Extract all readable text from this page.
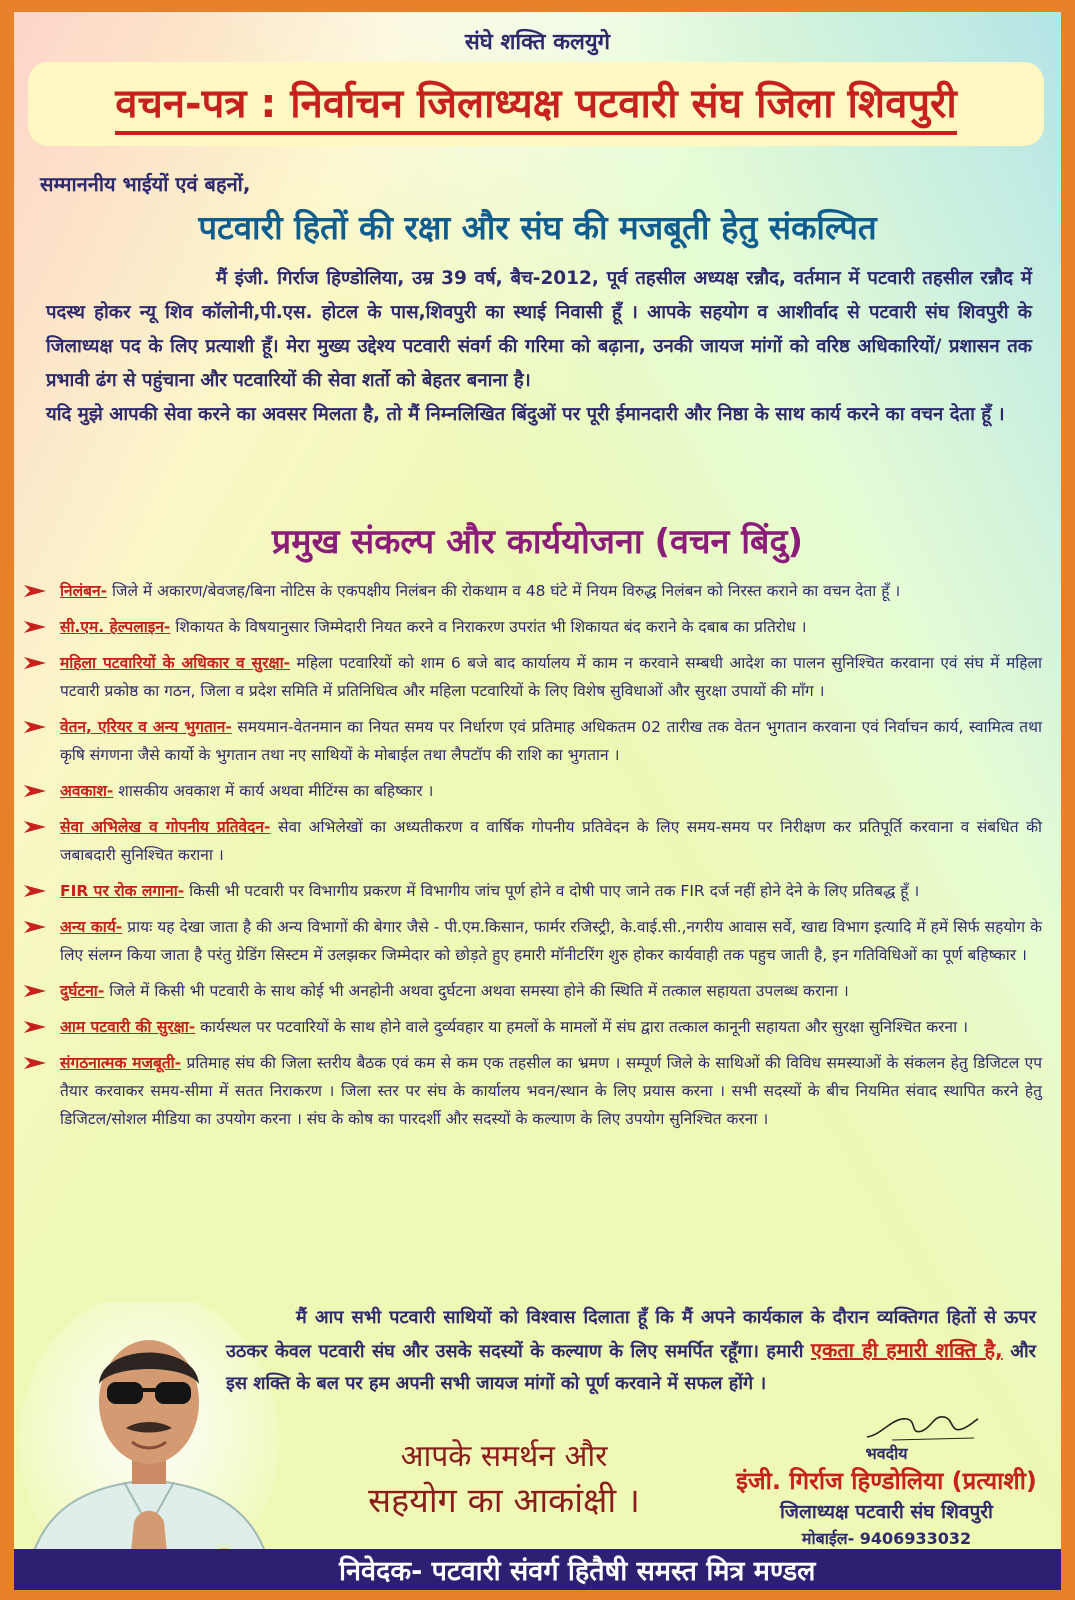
संघे शक्ति कलयुगे
वचन-पत्र : निर्वाचन जिलाध्यक्ष पटवारी संघ जिला शिवपुरी
सम्माननीय भाईयों एवं बहनों,
पटवारी हितों की रक्षा और संघ की मजबूती हेतु संकल्पित

मैं इंजी. गिर्राज हिण्डोलिया, उम्र 39 वर्ष, बैच-2012, पूर्व तहसील अध्यक्ष रन्नौद, वर्तमान में पटवारी तहसील रन्नौद में पदस्थ होकर न्यू शिव कॉलोनी,पी.एस. होटल के पास,शिवपुरी का स्थाई निवासी हूँ । आपके सहयोग व आशीर्वाद से पटवारी संघ शिवपुरी के जिलाध्यक्ष पद के लिए प्रत्याशी हूँ। मेरा मुख्य उद्देश्य पटवारी संवर्ग की गरिमा को बढ़ाना, उनकी जायज मांगों को वरिष्ठ अधिकारियों/ प्रशासन तक प्रभावी ढंग से पहुंचाना और पटवारियों की सेवा शर्तो को बेहतर बनाना है।

यदि मुझे आपकी सेवा करने का अवसर मिलता है, तो मैं निम्नलिखित बिंदुओं पर पूरी ईमानदारी और निष्ठा के साथ कार्य करने का वचन देता हूँ ।

प्रमुख संकल्प और कार्ययोजना (वचन बिंदु)
निलंबन- जिले में अकारण/बेवजह/बिना नोटिस के एकपक्षीय निलंबन की रोकथाम व 48 घंटे में नियम विरुद्ध निलंबन को निरस्त कराने का वचन देता हूँ ।
सी.एम. हेल्पलाइन- शिकायत के विषयानुसार जिम्मेदारी नियत करने व निराकरण उपरांत भी शिकायत बंद कराने के दबाब का प्रतिरोध ।
महिला पटवारियों के अधिकार व सुरक्षा- महिला पटवारियों को शाम 6 बजे बाद कार्यालय में काम न करवाने सम्बधी आदेश का पालन सुनिश्चित करवाना एवं संघ में महिला पटवारी प्रकोष्ठ का गठन, जिला व प्रदेश समिति में प्रतिनिधित्व और महिला पटवारियों के लिए विशेष सुविधाओं और सुरक्षा उपायों की माँग ।
वेतन, एरियर व अन्य भुगतान- समयमान-वेतनमान का नियत समय पर निर्धारण एवं प्रतिमाह अधिकतम 02 तारीख तक वेतन भुगतान करवाना एवं निर्वाचन कार्य, स्वामित्व तथा कृषि संगणना जैसे कार्यो के भुगतान तथा नए साथियों के मोबाईल तथा लैपटॉप की राशि का भुगतान ।
अवकाश- शासकीय अवकाश में कार्य अथवा मीटिंग्स का बहिष्कार ।
सेवा अभिलेख व गोपनीय प्रतिवेदन- सेवा अभिलेखों का अध्यतीकरण व वार्षिक गोपनीय प्रतिवेदन के लिए समय-समय पर निरीक्षण कर प्रतिपूर्ति करवाना व संबधित की जबाबदारी सुनिश्चित कराना ।
FIR पर रोक लगाना- किसी भी पटवारी पर विभागीय प्रकरण में विभागीय जांच पूर्ण होने व दोषी पाए जाने तक FIR दर्ज नहीं होने देने के लिए प्रतिबद्ध हूँ ।
अन्य कार्य- प्रायः यह देखा जाता है की अन्य विभागों की बेगार जैसे - पी.एम.किसान, फार्मर रजिस्ट्री, के.वाई.सी.,नगरीय आवास सर्वे, खाद्य विभाग इत्यादि में हमें सिर्फ सहयोग के लिए संलग्न किया जाता है परंतु ग्रेडिंग सिस्टम में उलझकर जिम्मेदार को छोड़ते हुए हमारी मॉनीटरिंग शुरु होकर कार्यवाही तक पहुच जाती है, इन गतिविधिओं का पूर्ण बहिष्कार ।
दुर्घटना- जिले में किसी भी पटवारी के साथ कोई भी अनहोनी अथवा दुर्घटना अथवा समस्या होने की स्थिति में तत्काल सहायता उपलब्ध कराना ।
आम पटवारी की सुरक्षा- कार्यस्थल पर पटवारियों के साथ होने वाले दुर्व्यवहार या हमलों के मामलों में संघ द्वारा तत्काल कानूनी सहायता और सुरक्षा सुनिश्चित करना ।
संगठनात्मक मजबूती- प्रतिमाह संघ की जिला स्तरीय बैठक एवं कम से कम एक तहसील का भ्रमण । सम्पूर्ण जिले के साथिओं की विविध समस्याओं के संकलन हेतु डिजिटल एप तैयार करवाकर समय-सीमा में सतत निराकरण । जिला स्तर पर संघ के कार्यालय भवन/स्थान के लिए प्रयास करना । सभी सदस्यों के बीच नियमित संवाद स्थापित करने हेतु डिजिटल/सोशल मीडिया का उपयोग करना । संघ के कोष का पारदर्शी और सदस्यों के कल्याण के लिए उपयोग सुनिश्चित करना ।
मैं आप सभी पटवारी साथियों को विश्वास दिलाता हूँ कि मैं अपने कार्यकाल के दौरान व्यक्तिगत हितों से ऊपर उठकर केवल पटवारी संघ और उसके सदस्यों के कल्याण के लिए समर्पित रहूँगा। हमारी एकता ही हमारी शक्ति है, और इस शक्ति के बल पर हम अपनी सभी जायज मांगों को पूर्ण करवाने में सफल होंगे ।
आपके समर्थन और
सहयोग का आकांक्षी ।
भवदीय
इंजी. गिर्राज हिण्डोलिया (प्रत्याशी)
जिलाध्यक्ष पटवारी संघ शिवपुरी
मोबाईल- 9406933032
निवेदक- पटवारी संवर्ग हितैषी समस्त मित्र मण्डल
